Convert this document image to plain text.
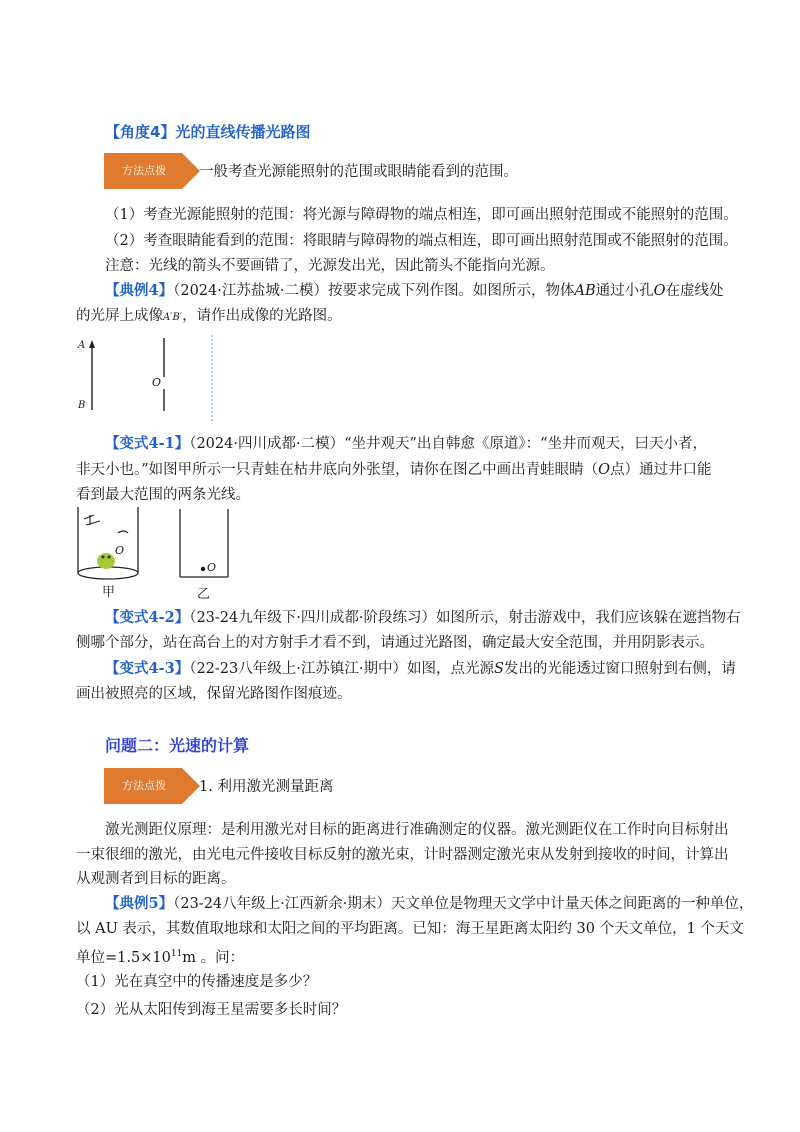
【角度4】光的直线传播光路图
方法点拨	一般考查光源能照射的范围或眼睛能看到的范围。
（1）考查光源能照射的范围：将光源与障碍物的端点相连，即可画出照射范围或不能照射的范围。
（2）考查眼睛能看到的范围：将眼睛与障碍物的端点相连，即可画出照射范围或不能照射的范围。
注意：光线的箭头不要画错了，光源发出光，因此箭头不能指向光源。
【典例4】（2024·江苏盐城·二模）按要求完成下列作图。如图所示，物体AB通过小孔O在虚线处
的光屏上成像A′B′，请作出成像的光路图。
A
B
O
【变式4-1】（2024·四川成都·二模）“坐井观天”出自韩愈《原道》：“坐井而观天，曰天小者，
非天小也。”如图甲所示一只青蛙在枯井底向外张望，请你在图乙中画出青蛙眼睛（O点）通过井口能
看到最大范围的两条光线。
O
O
甲	乙
【变式4-2】（23-24九年级下·四川成都·阶段练习）如图所示，射击游戏中，我们应该躲在遮挡物右
侧哪个部分，站在高台上的对方射手才看不到，请通过光路图，确定最大安全范围，并用阴影表示。
【变式4-3】（22-23八年级上·江苏镇江·期中）如图，点光源S发出的光能透过窗口照射到右侧，请
画出被照亮的区域，保留光路图作图痕迹。
问题二：光速的计算
方法点拨	1. 利用激光测量距离
激光测距仪原理：是利用激光对目标的距离进行准确测定的仪器。激光测距仪在工作时向目标射出
一束很细的激光，由光电元件接收目标反射的激光束，计时器测定激光束从发射到接收的时间，计算出
从观测者到目标的距离。
【典例5】（23-24八年级上·江西新余·期末）天文单位是物理天文学中计量天体之间距离的一种单位，
以 AU 表示，其数值取地球和太阳之间的平均距离。已知：海王星距离太阳约 30 个天文单位，1 个天文
单位$=1.5\times 10^{11}m$ 。问：
（1）光在真空中的传播速度是多少？
（2）光从太阳传到海王星需要多长时间？
